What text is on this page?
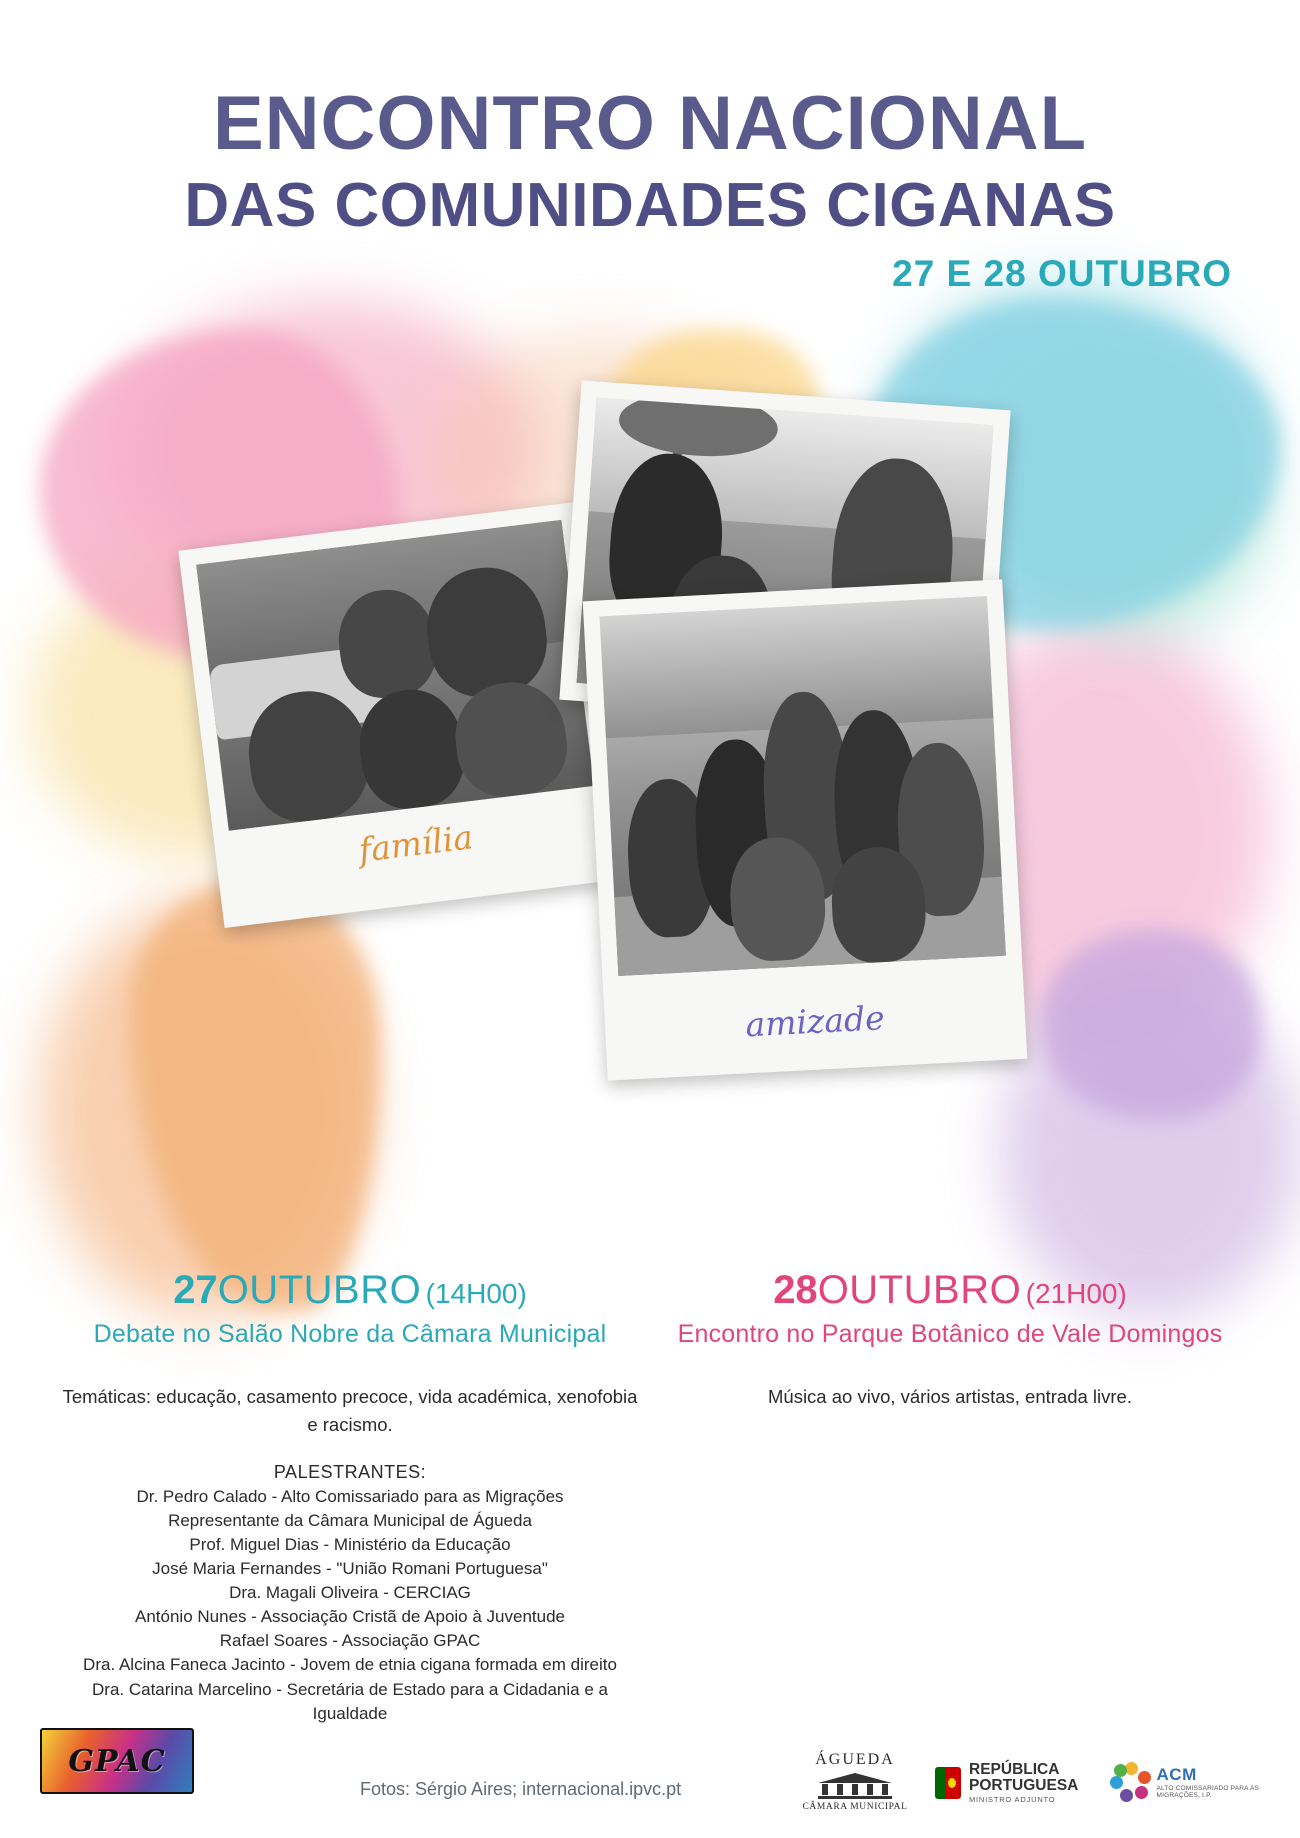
ENCONTRO NACIONAL
DAS COMUNIDADES CIGANAS
27 E 28 OUTUBRO
família
amizade
27OUTUBRO (14H00)
Debate no Salão Nobre da Câmara Municipal
Temáticas: educação, casamento precoce, vida académica, xenofobia e racismo.
PALESTRANTES:
Dr. Pedro Calado - Alto Comissariado para as Migrações
Representante da Câmara Municipal de Águeda
Prof. Miguel Dias - Ministério da Educação
José Maria Fernandes - "União Romani Portuguesa"
Dra. Magali Oliveira - CERCIAG
António Nunes - Associação Cristã de Apoio à Juventude
Rafael Soares - Associação GPAC
Dra. Alcina Faneca Jacinto - Jovem de etnia cigana formada em direito
Dra. Catarina Marcelino - Secretária de Estado para a Cidadania e a Igualdade
28OUTUBRO (21H00)
Encontro no Parque Botânico de Vale Domingos
Música ao vivo, vários artistas, entrada livre.
GPAC
Fotos: Sérgio Aires; internacional.ipvc.pt
ÁGUEDA
CÂMARA MUNICIPAL
REPÚBLICA
PORTUGUESA
MINISTRO ADJUNTO
ACM
ALTO COMISSARIADO PARA AS MIGRAÇÕES, I.P.
